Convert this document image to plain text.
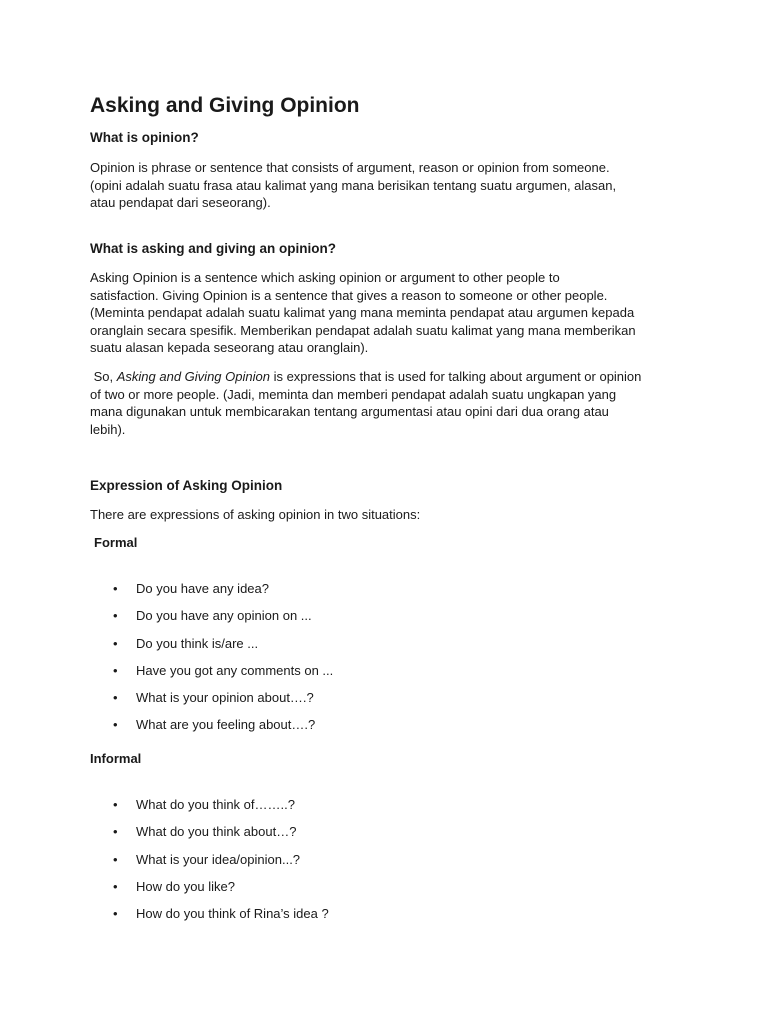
Asking and Giving Opinion
What is opinion?

Opinion is phrase or sentence that consists of argument, reason or opinion from someone.
(opini adalah suatu frasa atau kalimat yang mana berisikan tentang suatu argumen, alasan,
atau pendapat dari seseorang).

What is asking and giving an opinion?

Asking Opinion is a sentence which asking opinion or argument to other people to
satisfaction. Giving Opinion is a sentence that gives a reason to someone or other people.
(Meminta pendapat adalah suatu kalimat yang mana meminta pendapat atau argumen kepada
oranglain secara spesifik. Memberikan pendapat adalah suatu kalimat yang mana memberikan
suatu alasan kepada seseorang atau oranglain).

So, Asking and Giving Opinion is expressions that is used for talking about argument or opinion
of two or more people. (Jadi, meminta dan memberi pendapat adalah suatu ungkapan yang
mana digunakan untuk membicarakan tentang argumentasi atau opini dari dua orang atau
lebih).

Expression of Asking Opinion

There are expressions of asking opinion in two situations:

Formal

• Do you have any idea?
• Do you have any opinion on ...
• Do you think is/are ...
• Have you got any comments on ...
• What is your opinion about….?
• What are you feeling about….?

Informal

• What do you think of……..?
• What do you think about…?
• What is your idea/opinion...?
• How do you like?
• How do you think of Rina’s idea ?
